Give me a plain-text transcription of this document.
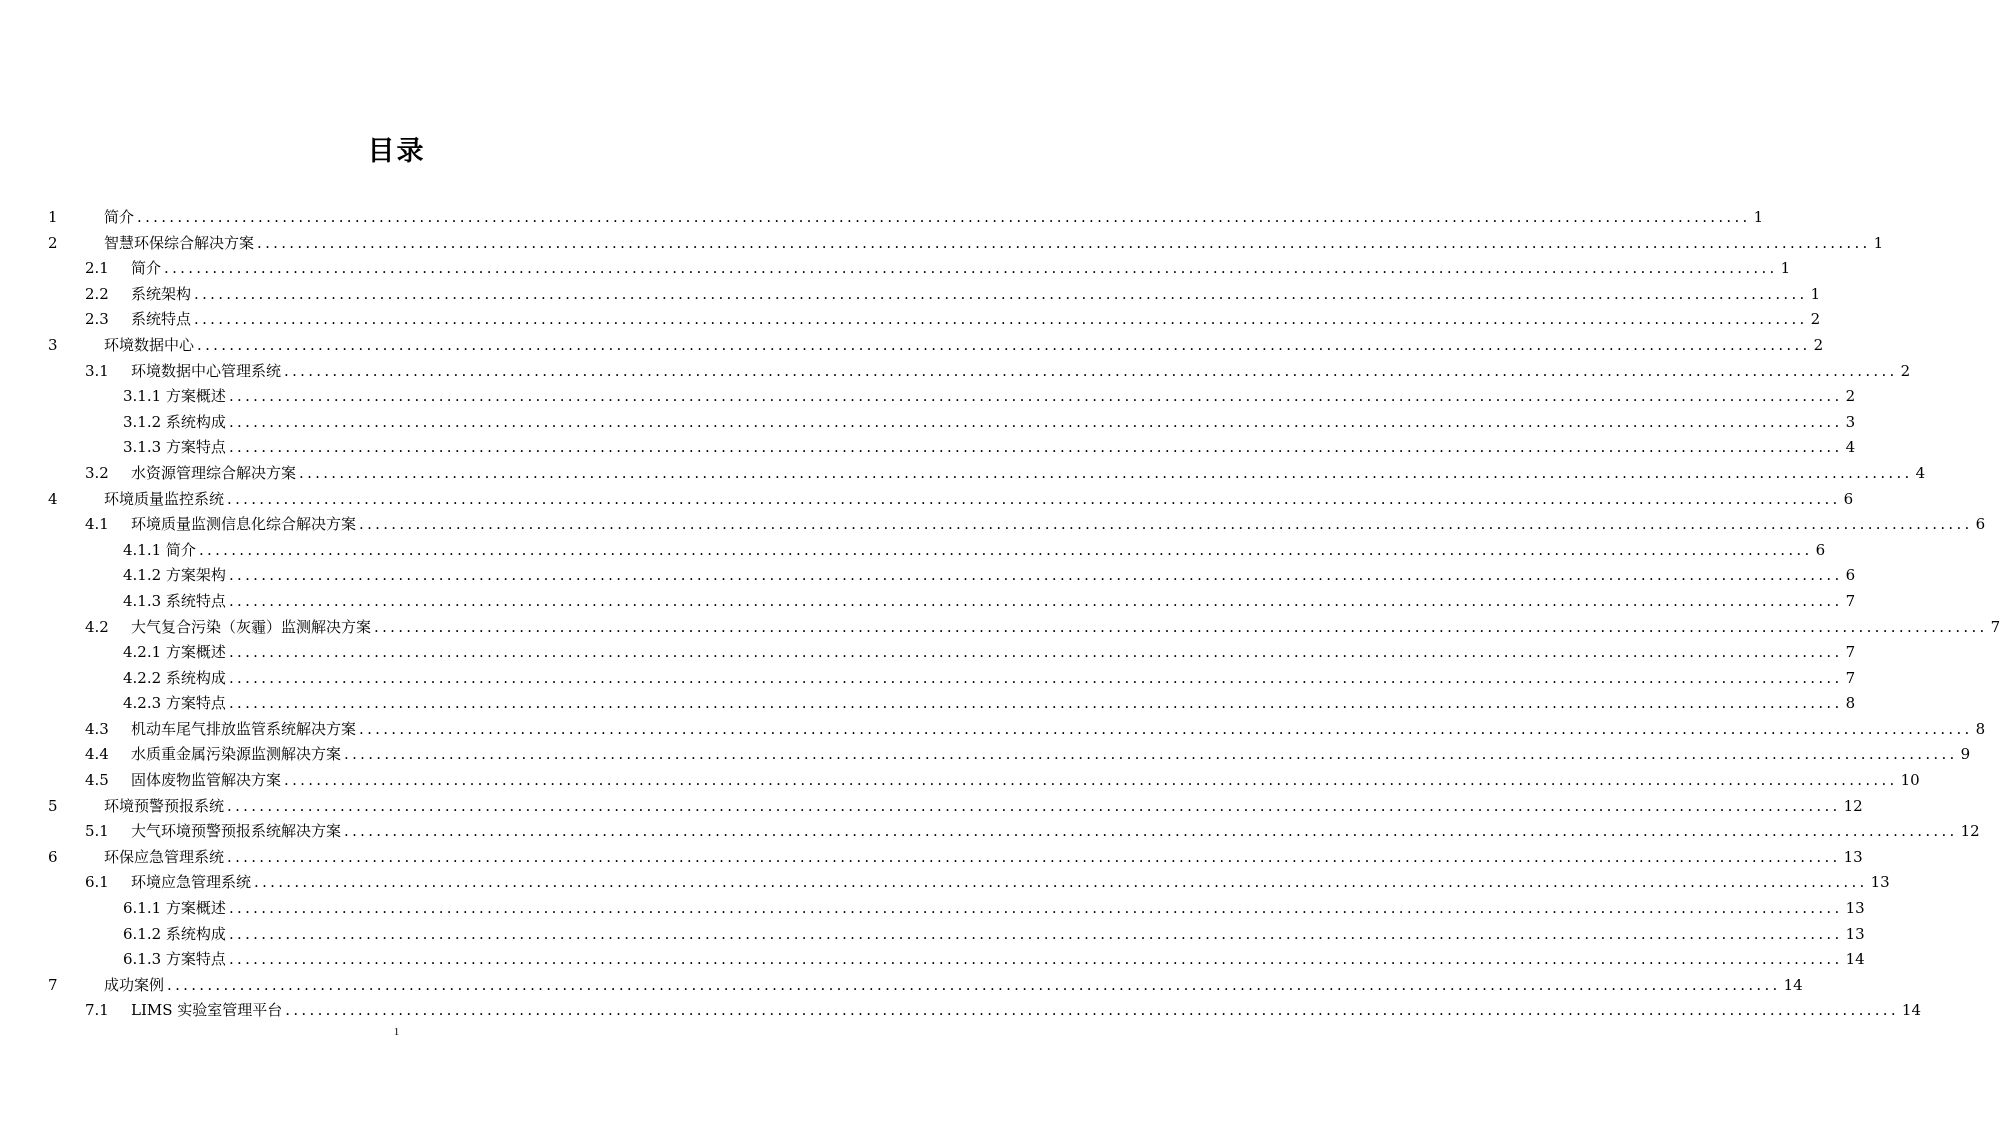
目录
1	简介 ........................................................................................................................................................................................................ 1
2	智慧环保综合解决方案 ........................................................................................................................................................................................................ 1
2.1 简介 ........................................................................................................................................................................................................ 1
2.2 系统架构 ........................................................................................................................................................................................................ 1
2.3 系统特点 ........................................................................................................................................................................................................ 2
3	环境数据中心 ........................................................................................................................................................................................................ 2
3.1 环境数据中心管理系统 ........................................................................................................................................................................................................ 2
3.1.1 方案概述 ........................................................................................................................................................................................................ 2
3.1.2 系统构成 ........................................................................................................................................................................................................ 3
3.1.3 方案特点 ........................................................................................................................................................................................................ 4
3.2 水资源管理综合解决方案 ........................................................................................................................................................................................................ 4
4	环境质量监控系统 ........................................................................................................................................................................................................ 6
4.1 环境质量监测信息化综合解决方案 ........................................................................................................................................................................................................ 6
4.1.1 简介 ........................................................................................................................................................................................................ 6
4.1.2 方案架构 ........................................................................................................................................................................................................ 6
4.1.3 系统特点 ........................................................................................................................................................................................................ 7
4.2 大气复合污染（灰霾）监测解决方案 ........................................................................................................................................................................................................ 7
4.2.1 方案概述 ........................................................................................................................................................................................................ 7
4.2.2 系统构成 ........................................................................................................................................................................................................ 7
4.2.3 方案特点 ........................................................................................................................................................................................................ 8
4.3 机动车尾气排放监管系统解决方案 ........................................................................................................................................................................................................ 8
4.4 水质重金属污染源监测解决方案 ........................................................................................................................................................................................................ 9
4.5 固体废物监管解决方案 ........................................................................................................................................................................................................ 10
5	环境预警预报系统 ........................................................................................................................................................................................................ 12
5.1 大气环境预警预报系统解决方案 ........................................................................................................................................................................................................ 12
6	环保应急管理系统 ........................................................................................................................................................................................................ 13
6.1 环境应急管理系统 ........................................................................................................................................................................................................ 13
6.1.1 方案概述 ........................................................................................................................................................................................................ 13
6.1.2 系统构成 ........................................................................................................................................................................................................ 13
6.1.3 方案特点 ........................................................................................................................................................................................................ 14
7	成功案例 ........................................................................................................................................................................................................ 14
7.1 LIMS 实验室管理平台 ........................................................................................................................................................................................................ 14
1
